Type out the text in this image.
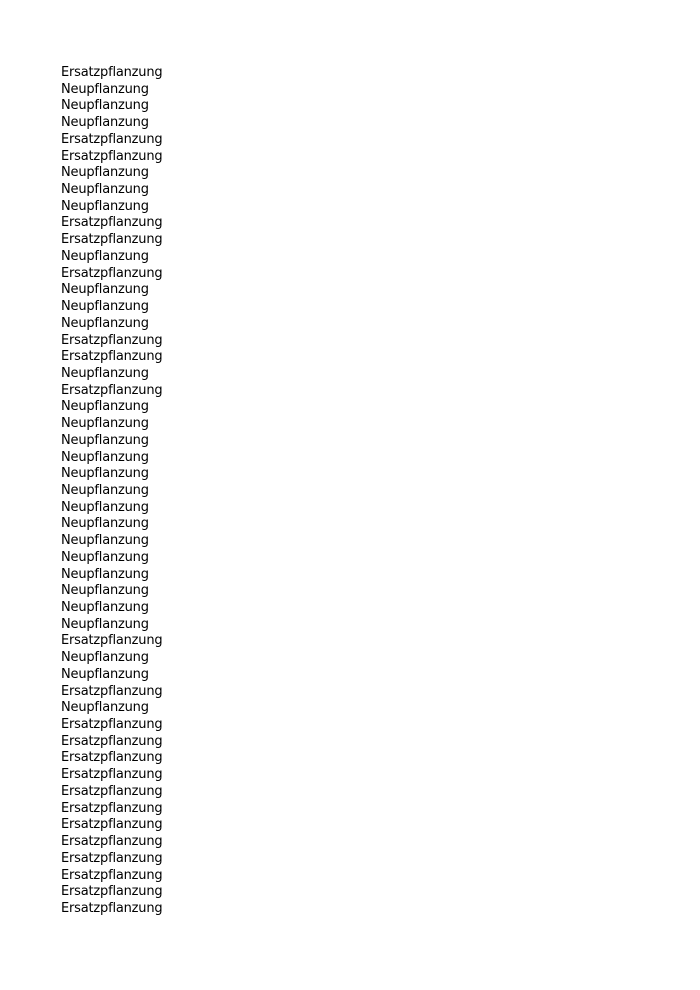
Ersatzpflanzung
Neupflanzung
Neupflanzung
Neupflanzung
Ersatzpflanzung
Ersatzpflanzung
Neupflanzung
Neupflanzung
Neupflanzung
Ersatzpflanzung
Ersatzpflanzung
Neupflanzung
Ersatzpflanzung
Neupflanzung
Neupflanzung
Neupflanzung
Ersatzpflanzung
Ersatzpflanzung
Neupflanzung
Ersatzpflanzung
Neupflanzung
Neupflanzung
Neupflanzung
Neupflanzung
Neupflanzung
Neupflanzung
Neupflanzung
Neupflanzung
Neupflanzung
Neupflanzung
Neupflanzung
Neupflanzung
Neupflanzung
Neupflanzung
Ersatzpflanzung
Neupflanzung
Neupflanzung
Ersatzpflanzung
Neupflanzung
Ersatzpflanzung
Ersatzpflanzung
Ersatzpflanzung
Ersatzpflanzung
Ersatzpflanzung
Ersatzpflanzung
Ersatzpflanzung
Ersatzpflanzung
Ersatzpflanzung
Ersatzpflanzung
Ersatzpflanzung
Ersatzpflanzung
